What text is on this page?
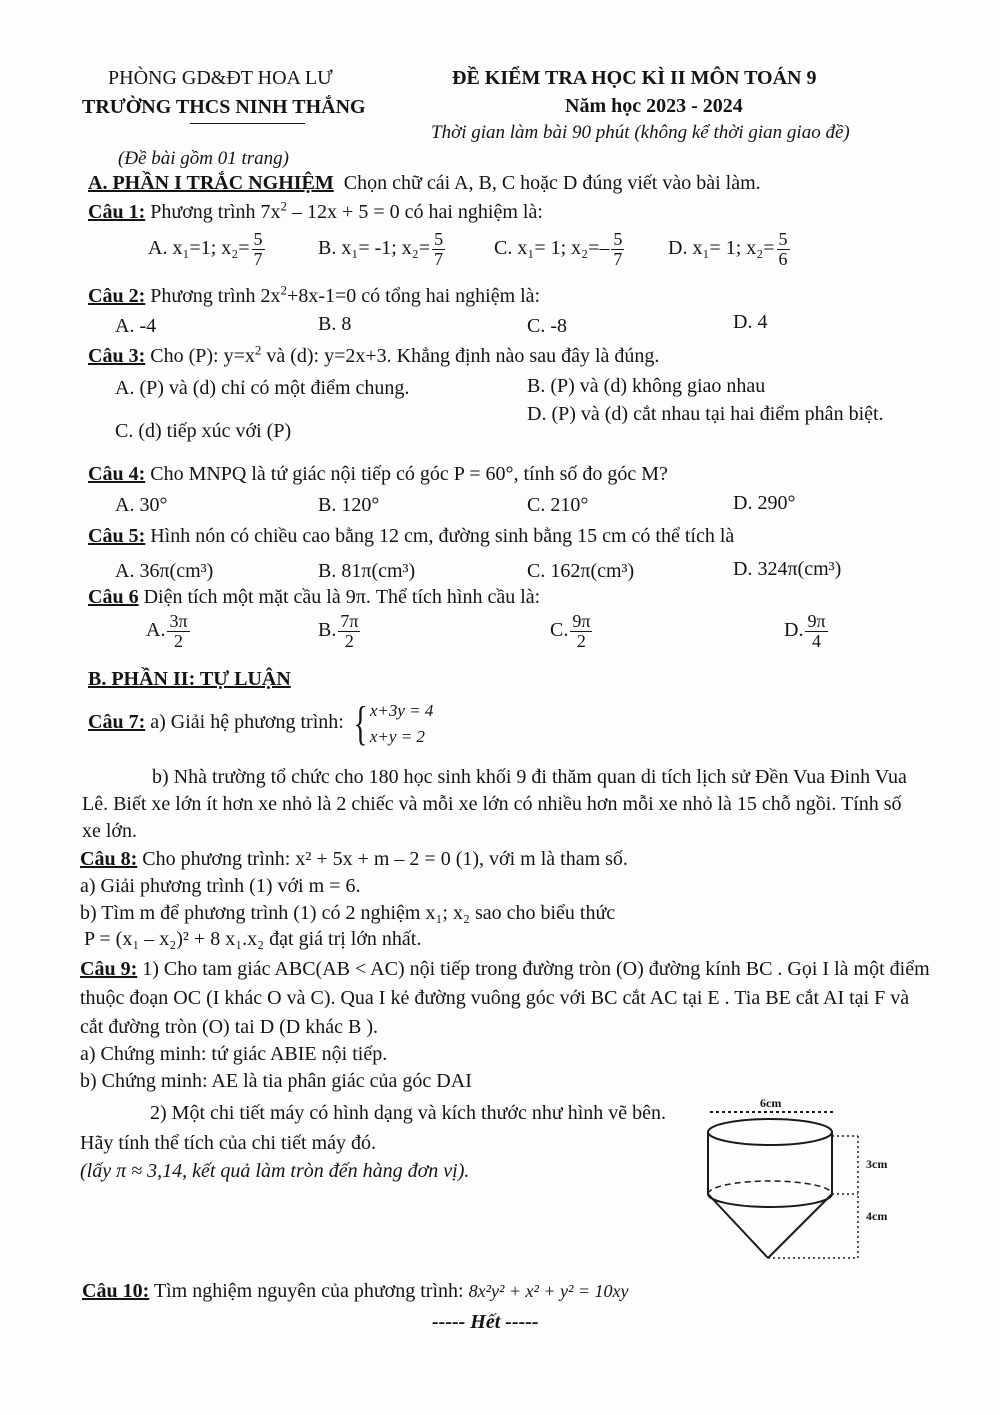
PHÒNG GD&ĐT HOA LƯ
TRƯỜNG THCS NINH THẮNG
ĐỀ KIỂM TRA HỌC KÌ II MÔN TOÁN 9
Năm học 2023 - 2024
Thời gian làm bài 90 phút (không kể thời gian giao đề)
(Đề bài gồm 01 trang)
A. PHẦN I TRẮC NGHIỆM Chọn chữ cái A, B, C hoặc D đúng viết vào bài làm.
Câu 1: Phương trình $7x^2 - 12x + 5 = 0$ có hai nghiệm là:
A. x₁=1; $x_2= \frac{5}{7}$	B. x₁= -1; $x_2= \frac{5}{7} C$. x₁= 1; $x_2=- \frac{5}{7} D$. x₁= 1; $x_2= \frac{5}{6}$
Câu 2: Phương trình $2x^2+8x-1=0$ có tổng hai nghiệm là:
A. -4	B. 8	C. -8	D. 4
Câu 3: Cho (P): $y=x^2$ và (d): y=2x+3. Khẳng định nào sau đây là đúng.
A. (P) và (d) chỉ có một điểm chung.	B. (P) và (d) không giao nhau
C. (d) tiếp xúc với (P)
D. (P) và (d) cắt nhau tại hai điểm phân biệt.
Câu 4: Cho MNPQ là tứ giác nội tiếp có góc P = 60°, tính số đo góc M?
A. 30°	B. 120°	C. 210°	D. 290°
Câu 5: Hình nón có chiều cao bằng 12 cm, đường sinh bằng 15 cm có thể tích là
A. 36π(cm³)	B. 81π(cm³)	C. 162π(cm³)	D. 324π(cm³)
Câu 6 Diện tích một mặt cầu là 9π. Thể tích hình cầu là:
A. $\frac{3\pi}{2}$	B. $\frac{7\pi}{2}$	C. $\frac{9\pi}{2}$	D. $\frac{9\pi}{4}$
B. PHẦN II: TỰ LUẬN
Câu 7: a) Giải hệ phương trình: { x+3y = 4
x+y = 2
b) Nhà trường tổ chức cho 180 học sinh khối 9 đi thăm quan di tích lịch sử Đền Vua Đinh Vua Lê. Biết xe lớn ít hơn xe nhỏ là 2 chiếc và mỗi xe lớn có nhiều hơn mỗi xe nhỏ là 15 chỗ ngồi. Tính số xe lớn.
Câu 8: Cho phương trình: x² + 5x + m – 2 = 0 (1), với m là tham số.
a) Giải phương trình (1) với m = 6.
b) Tìm m để phương trình (1) có 2 nghiệm x₁; x₂ sao cho biểu thức
P = (x₁ – x₂)² + 8 x₁.x₂ đạt giá trị lớn nhất.
Câu 9: 1) Cho tam giác ABC(AB < AC) nội tiếp trong đường tròn (O) đường kính BC . Gọi I là một điểm thuộc đoạn OC (I khác O và C). Qua I kẻ đường vuông góc với BC cắt AC tại E . Tia BE cắt AI tại F và cắt đường tròn (O) tai D (D khác B ).
a) Chứng minh: tứ giác ABIE nội tiếp.
b) Chứng minh: AE là tia phân giác của góc DAI
2) Một chi tiết máy có hình dạng và kích thước như hình vẽ bên. Hãy tính thể tích của chi tiết máy đó.
(lấy π ≈ 3,14, kết quả làm tròn đến hàng đơn vị).
6cm
3cm
4cm
Câu 10: Tìm nghiệm nguyên của phương trình: 8x²y² + x² + y² = 10xy
----- Hết -----
